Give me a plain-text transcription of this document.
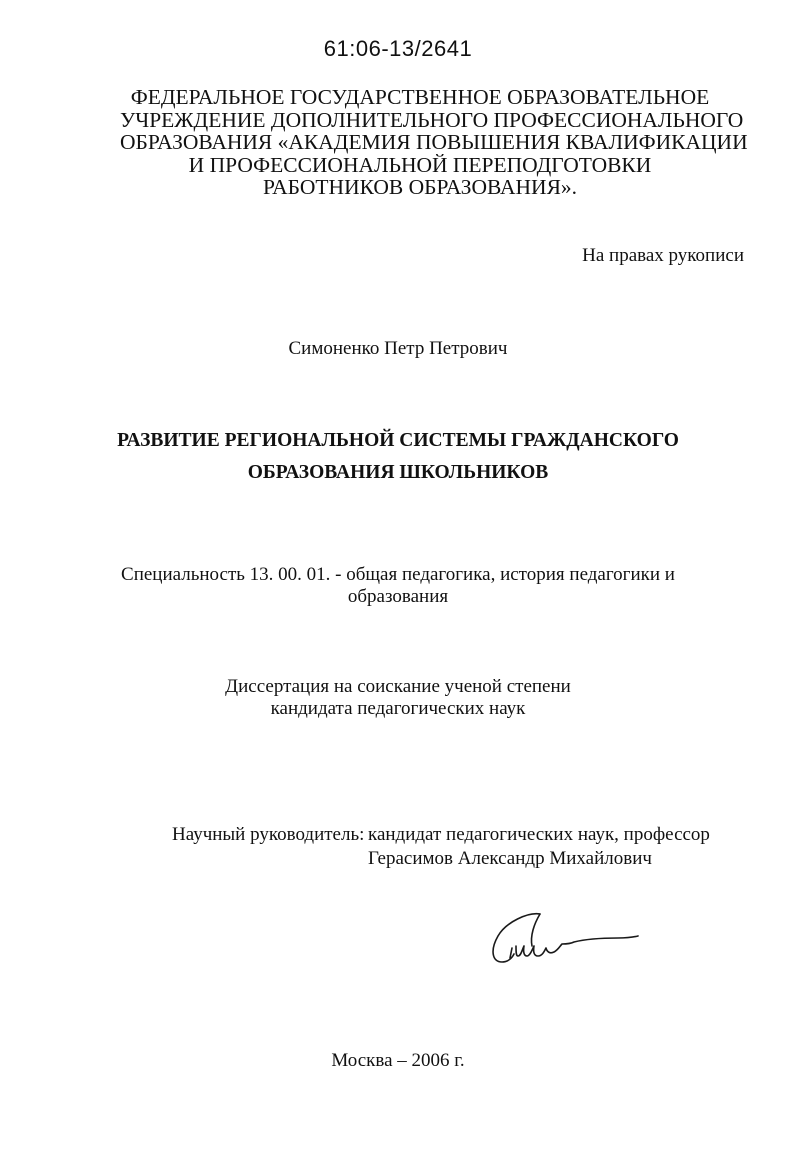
61:06-13/2641
ФЕДЕРАЛЬНОЕ ГОСУДАРСТВЕННОЕ ОБРАЗОВАТЕЛЬНОЕ
УЧРЕЖДЕНИЕ ДОПОЛНИТЕЛЬНОГО ПРОФЕССИОНАЛЬНОГО
ОБРАЗОВАНИЯ «АКАДЕМИЯ ПОВЫШЕНИЯ КВАЛИФИКАЦИИ
И ПРОФЕССИОНАЛЬНОЙ ПЕРЕПОДГОТОВКИ
РАБОТНИКОВ ОБРАЗОВАНИЯ».
На правах рукописи
Симоненко Петр Петрович
РАЗВИТИЕ РЕГИОНАЛЬНОЙ СИСТЕМЫ ГРАЖДАНСКОГО
ОБРАЗОВАНИЯ ШКОЛЬНИКОВ
Специальность 13. 00. 01. - общая педагогика, история педагогики и
образования
Диссертация на соискание ученой степени
кандидата педагогических наук
Научный руководитель: кандидат педагогических наук, профессор
Герасимов Александр Михайлович
Москва – 2006 г.
